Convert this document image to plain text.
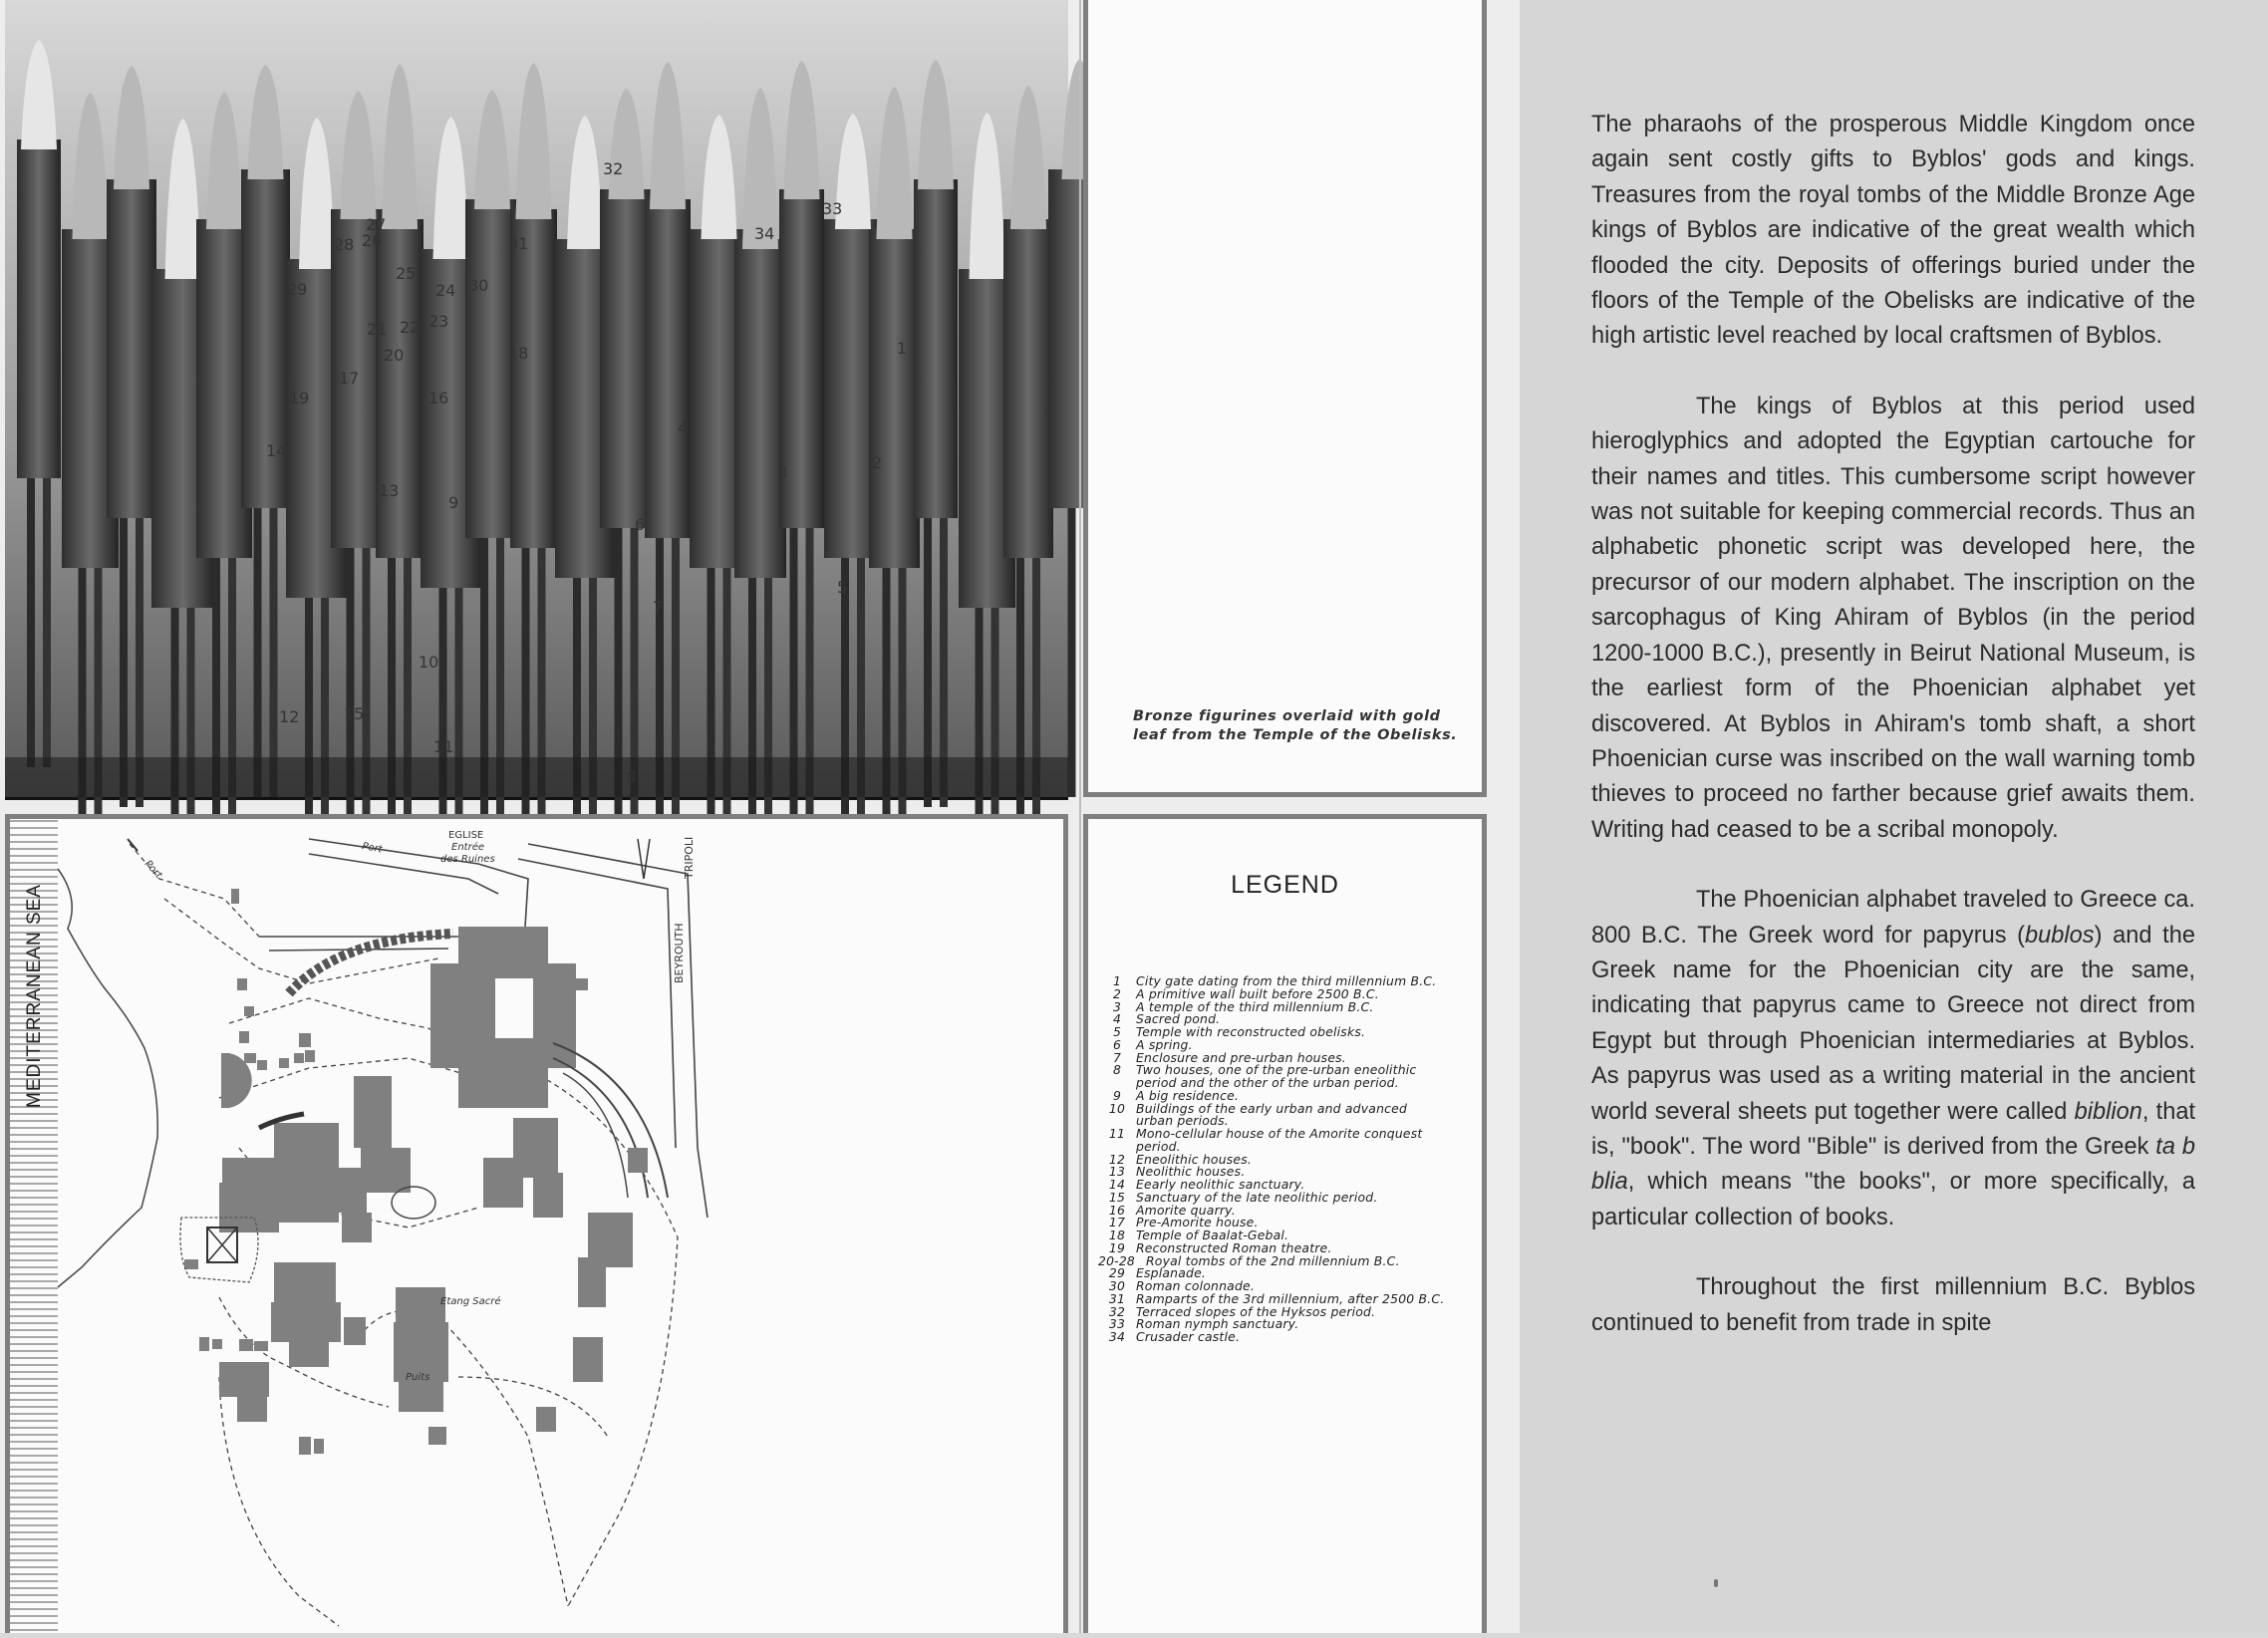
Bronze figurines overlaid with gold
leaf from the Temple of the Obelisks.
MEDITERRANEAN SEA
Port
Port
EGLISE
Entrée
des Ruines	TRIPOLI
BEYROUTH
Etang Sacré
Puits
1
2
3
4
5
6
7
8
9
10
11
12
13
14
15
16
17
18
19
20
21 22 23
24
25
26
27
28
29	30
31
32
33
34
LEGEND
1	City gate dating from the third millennium B.C.
2	A primitive wall built before 2500 B.C.
3	A temple of the third millennium B.C.
4	Sacred pond.
5	Temple with reconstructed obelisks.
6	A spring.
7	Enclosure and pre-urban houses.
8	Two houses, one of the pre-urban eneolithic
period and the other of the urban period.
9	A big residence.
10 Buildings of the early urban and advanced
urban periods.
11 Mono-cellular house of the Amorite conquest
period.
12 Eneolithic houses.
13 Neolithic houses.
14 Eearly neolithic sanctuary.
15 Sanctuary of the late neolithic period.
16 Amorite quarry.
17 Pre-Amorite house.
18 Temple of Baalat-Gebal.
19 Reconstructed Roman theatre.
20-28 Royal tombs of the 2nd millennium B.C.
29 Esplanade.
30 Roman colonnade.
31 Ramparts of the 3rd millennium, after 2500 B.C.
32 Terraced slopes of the Hyksos period.
33 Roman nymph sanctuary.
34 Crusader castle.

The pharaohs of the prosperous Middle Kingdom once again sent costly gifts to Byblos' gods and kings. Treasures from the royal tombs of the Middle Bronze Age kings of Byblos are indicative of the great wealth which flooded the city. Deposits of offerings buried under the floors of the Temple of the Obelisks are indicative of the high artistic level reached by local craftsmen of Byblos.

The kings of Byblos at this period used hieroglyphics and adopted the Egyptian cartouche for their names and titles. This cumbersome script however was not suitable for keeping commercial records. Thus an alphabetic phonetic script was developed here, the precursor of our modern alphabet. The inscription on the sarcophagus of King Ahiram of Byblos (in the period 1200-1000 B.C.), presently in Beirut National Museum, is the earliest form of the Phoenician alphabet yet discovered. At Byblos in Ahiram's tomb shaft, a short Phoenician curse was inscribed on the wall warning tomb thieves to proceed no farther because grief awaits them. Writing had ceased to be a scribal monopoly.

The Phoenician alphabet traveled to Greece ca. 800 B.C. The Greek word for papyrus (bublos) and the Greek name for the Phoenician city are the same, indicating that papyrus came to Greece not direct from Egypt but through Phoenician intermediaries at Byblos. As papyrus was used as a writing material in the ancient world several sheets put together were called biblion, that is, "book". The word "Bible" is derived from the Greek ta b blia, which means "the books", or more specifically, a particular collection of books.

Throughout the first millennium B.C. Byblos continued to benefit from trade in spite
